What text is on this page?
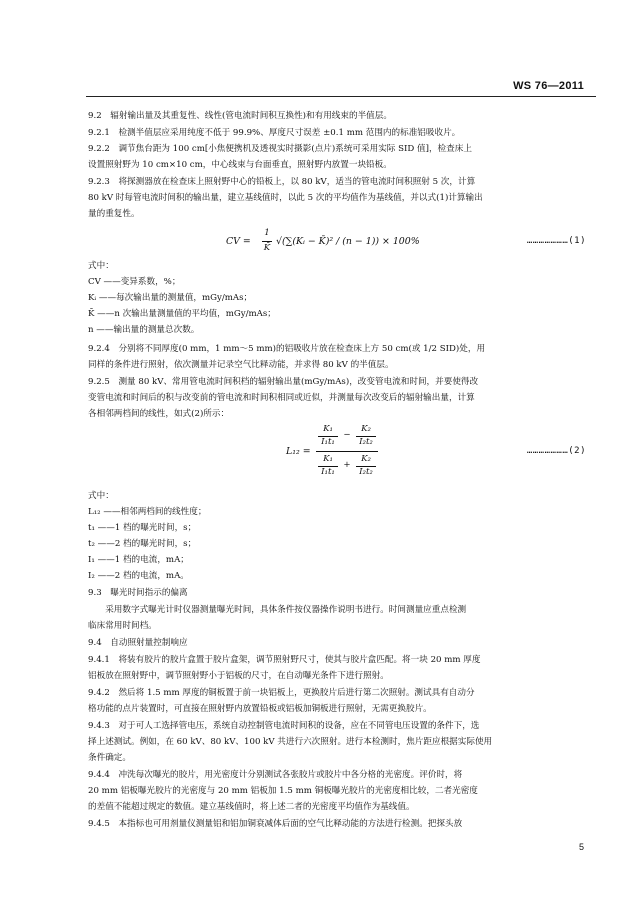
WS 76—2011
9.2　辐射输出量及其重复性、线性(管电流时间积互换性)和有用线束的半值层。
9.2.1　检测半值层应采用纯度不低于 99.9%、厚度尺寸误差 ±0.1 mm 范围内的标准铝吸收片。
9.2.2　调节焦台距为 100 cm[小焦便携机及透视实时摄影(点片)系统可采用实际 SID 值]，检查床上
设置照射野为 10 cm×10 cm，中心线束与台面垂直，照射野内放置一块铅板。
9.2.3　将探测器放在检查床上照射野中心的铅板上，以 80 kV，适当的管电流时间积照射 5 次，计算
80 kV 时每管电流时间积的输出量，建立基线值时，以此 5 次的平均值作为基线值，并以式(1)计算输出
量的重复性。
CV =
1
K̄
√(∑(Kᵢ − K̄)² / (n − 1)) × 100%	…………………(1)
式中：
CV ——变异系数，%；
Kᵢ ——每次输出量的测量值，mGy/mAs；
K̄ ——n 次输出量测量值的平均值，mGy/mAs；
n ——输出量的测量总次数。
9.2.4　分别将不同厚度(0 mm，1 mm～5 mm)的铝吸收片放在检查床上方 50 cm(或 1/2 SID)处，用
同样的条件进行照射，依次测量并记录空气比释动能，并求得 80 kV 的半值层。
9.2.5　测量 80 kV、常用管电流时间积档的辐射输出量(mGy/mAs)，改变管电流和时间，并要使得改
变管电流和时间后的积与改变前的管电流和时间积相同或近似，并测量每次改变后的辐射输出量，计算
各相邻两档间的线性，如式(2)所示：
L₁₂ =
K₁
I₁t₁
−
K₂
I₂t₂
K₁
I₁t₁
+
K₂
I₂t₂
…………………(2)
式中：
L₁₂ ——相邻两档间的线性度；
t₁ ——1 档的曝光时间，s；
t₂ ——2 档的曝光时间，s；
I₁ ——1 档的电流，mA；
I₂ ——2 档的电流，mA。
9.3　曝光时间指示的偏离
　　采用数字式曝光计时仪器测量曝光时间，具体条件按仪器操作说明书进行。时间测量应重点检测
临床常用时间档。
9.4　自动照射量控制响应
9.4.1　将装有胶片的胶片盒置于胶片盒架，调节照射野尺寸，使其与胶片盒匹配。将一块 20 mm 厚度
铝板放在照射野中，调节照射野小于铝板的尺寸，在自动曝光条件下进行照射。
9.4.2　然后将 1.5 mm 厚度的铜板置于前一块铝板上，更换胶片后进行第二次照射。测试具有自动分
格功能的点片装置时，可直接在照射野内放置铅板或铝板加铜板进行照射，无需更换胶片。
9.4.3　对于可人工选择管电压，系统自动控制管电流时间积的设备，应在不同管电压设置的条件下，选
择上述测试。例如，在 60 kV、80 kV、100 kV 共进行六次照射。进行本检测时，焦片距应根据实际使用
条件确定。
9.4.4　冲洗每次曝光的胶片，用光密度计分别测试各张胶片或胶片中各分格的光密度。评价时，将
20 mm 铝板曝光胶片的光密度与 20 mm 铝板加 1.5 mm 铜板曝光胶片的光密度相比较，二者光密度
的差值不能超过规定的数值。建立基线值时，将上述二者的光密度平均值作为基线值。
9.4.5　本指标也可用剂量仪测量铝和铝加铜衰减体后面的空气比释动能的方法进行检测。把探头放
5
